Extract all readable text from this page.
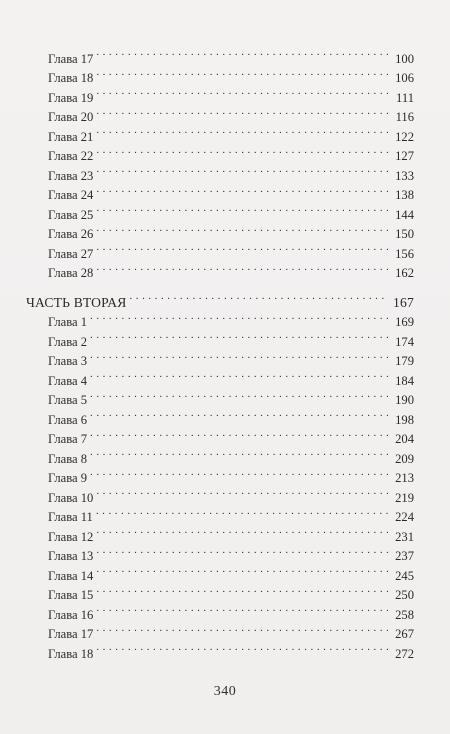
Глава 17 . . .	100
Глава 18 . . .	106
Глава 19 . . .	111
Глава 20 . . .	116
Глава 21 . . .	122
Глава 22 . . .	127
Глава 23 . . .	133
Глава 24 . . .	138
Глава 25 . . .	144
Глава 26 . . .	150
Глава 27 . . .	156
Глава 28 . . .	162
ЧАСТЬ ВТОРАЯ . . .	167
Глава 1 . . .	169
Глава 2 . . .	174
Глава 3 . . .	179
Глава 4 . . .	184
Глава 5 . . .	190
Глава 6 . . .	198
Глава 7 . . .	204
Глава 8 . . .	209
Глава 9 . . .	213
Глава 10 . . .	219
Глава 11 . . .	224
Глава 12 . . .	231
Глава 13 . . .	237
Глава 14 . . .	245
Глава 15 . . .	250
Глава 16 . . .	258
Глава 17 . . .	267
Глава 18 . . .	272
340
